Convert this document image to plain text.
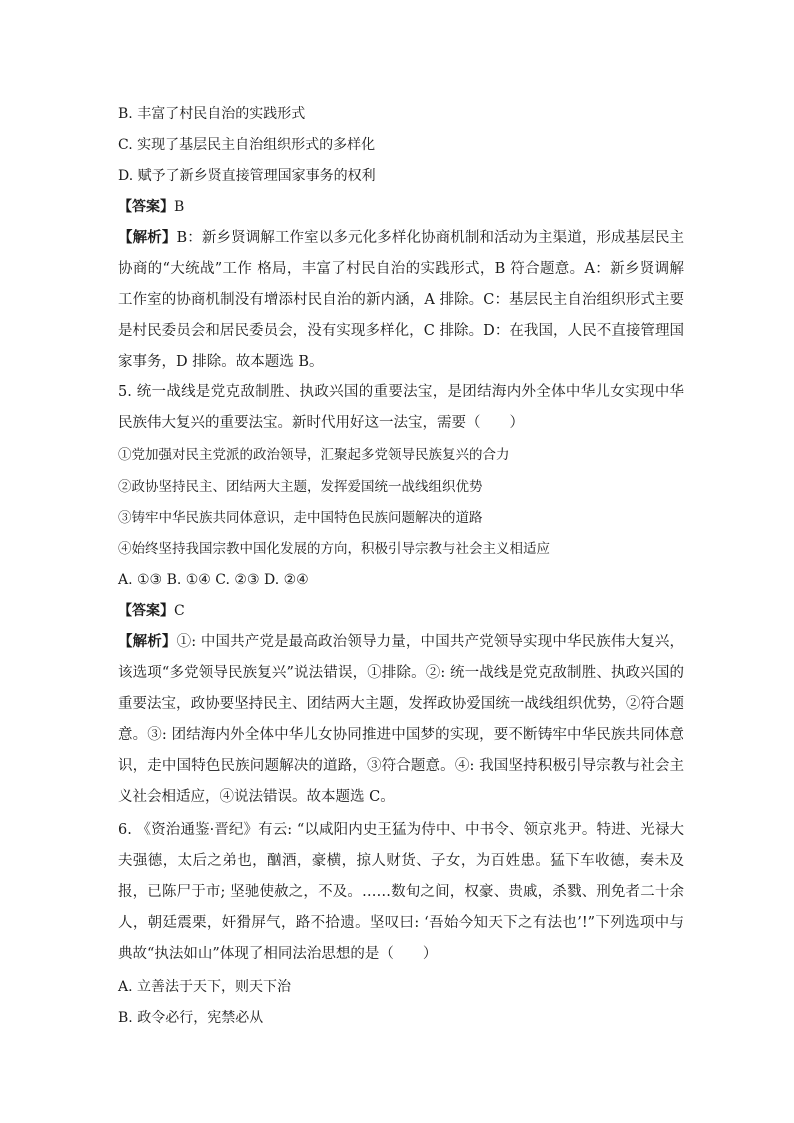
B. 丰富了村民自治的实践形式
C. 实现了基层民主自治组织形式的多样化
D. 赋予了新乡贤直接管理国家事务的权利
【答案】B
【解析】B：新乡贤调解工作室以多元化多样化协商机制和活动为主渠道，形成基层民主协商的“大统战”工作 格局，丰富了村民自治的实践形式，B 符合题意。A：新乡贤调解工作室的协商机制没有增添村民自治的新内涵，A 排除。C：基层民主自治组织形式主要是村民委员会和居民委员会，没有实现多样化，C 排除。D：在我国，人民不直接管理国家事务，D 排除。故本题选 B。
5. 统一战线是党克敌制胜、执政兴国的重要法宝，是团结海内外全体中华儿女实现中华民族伟大复兴的重要法宝。新时代用好这一法宝，需要（　　）
①党加强对民主党派的政治领导，汇聚起多党领导民族复兴的合力
②政协坚持民主、团结两大主题，发挥爱国统一战线组织优势
③铸牢中华民族共同体意识，走中国特色民族问题解决的道路
④始终坚持我国宗教中国化发展的方向，积极引导宗教与社会主义相适应
A. ①③ B. ①④ C. ②③ D. ②④
【答案】C
【解析】①: 中国共产党是最高政治领导力量，中国共产党领导实现中华民族伟大复兴，该选项“多党领导民族复兴”说法错误，①排除。②: 统一战线是党克敌制胜、执政兴国的重要法宝，政协要坚持民主、团结两大主题，发挥政协爱国统一战线组织优势，②符合题意。③: 团结海内外全体中华儿女协同推进中国梦的实现，要不断铸牢中华民族共同体意识，走中国特色民族问题解决的道路，③符合题意。④: 我国坚持积极引导宗教与社会主义社会相适应，④说法错误。故本题选 C。
6. 《资治通鉴·晋纪》有云: “以咸阳内史王猛为侍中、中书令、领京兆尹。特进、光禄大夫强德，太后之弟也，酗酒，豪横，掠人财货、子女，为百姓患。猛下车收德，奏未及报，已陈尸于市; 坚驰使赦之，不及。……数旬之间，权豪、贵戚，杀戮、刑免者二十余人，朝廷震栗，奸猾屏气，路不拾遗。坚叹曰: ‘吾始今知天下之有法也’!”下列选项中与典故“执法如山”体现了相同法治思想的是（　　）
A. 立善法于天下，则天下治
B. 政令必行，宪禁必从
